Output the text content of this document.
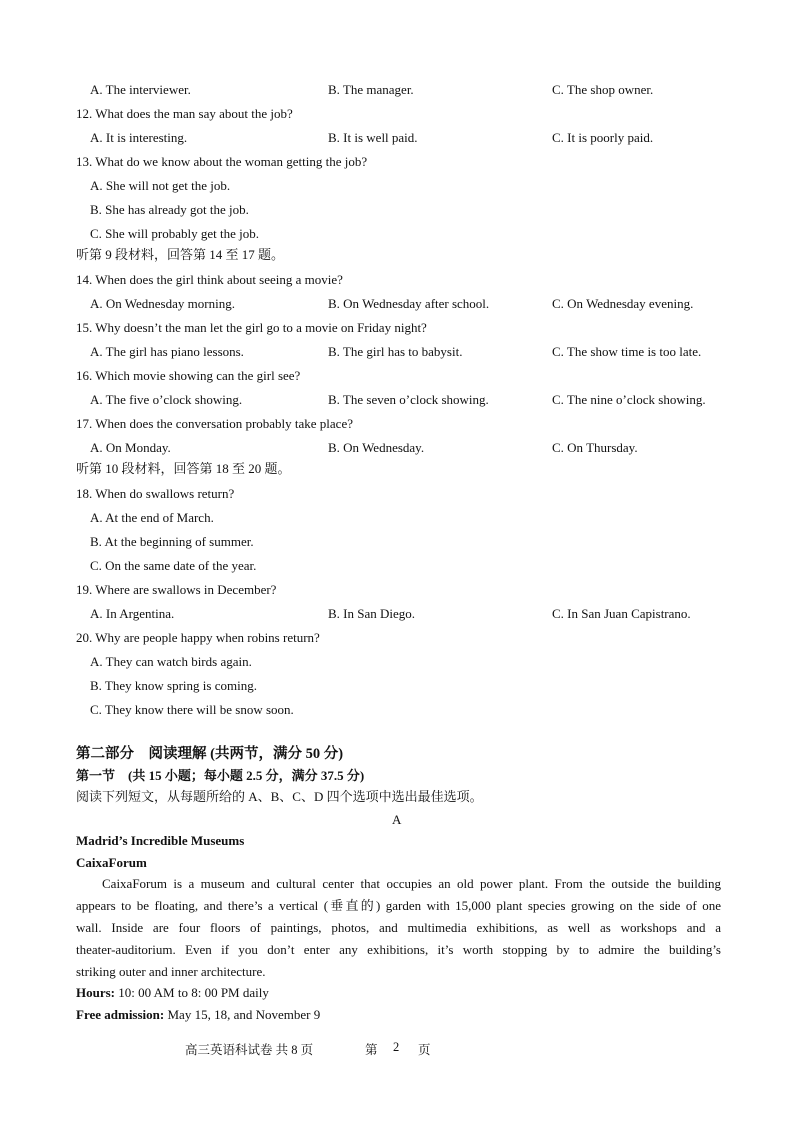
A. The interviewer.	B. The manager.	C. The shop owner.
12. What does the man say about the job?
A. It is interesting.	B. It is well paid.	C. It is poorly paid.
13. What do we know about the woman getting the job?
A. She will not get the job.
B. She has already got the job.
C. She will probably get the job.
听第 9 段材料，回答第 14 至 17 题。
14. When does the girl think about seeing a movie?
A. On Wednesday morning.	B. On Wednesday after school.	C. On Wednesday evening.
15. Why doesn’t the man let the girl go to a movie on Friday night?
A. The girl has piano lessons.	B. The girl has to babysit.	C. The show time is too late.
16. Which movie showing can the girl see?
A. The five o’clock showing.	B. The seven o’clock showing.	C. The nine o’clock showing.
17. When does the conversation probably take place?
A. On Monday.	B. On Wednesday.	C. On Thursday.
听第 10 段材料，回答第 18 至 20 题。
18. When do swallows return?
A. At the end of March.
B. At the beginning of summer.
C. On the same date of the year.
19. Where are swallows in December?
A. In Argentina.	B. In San Diego.	C. In San Juan Capistrano.
20. Why are people happy when robins return?
A. They can watch birds again.
B. They know spring is coming.
C. They know there will be snow soon.
第二部分　阅读理解 (共两节，满分 50 分)
第一节　(共 15 小题；每小题 2.5 分，满分 37.5 分)
阅读下列短文，从每题所给的 A、B、C、D 四个选项中选出最佳选项。
A
Madrid’s Incredible Museums
CaixaForum
CaixaForum is a museum and cultural center that occupies an old power plant. From the outside the building
appears to be floating, and there’s a vertical (垂直的) garden with 15,000 plant species growing on the side of one
wall. Inside are four floors of paintings, photos, and multimedia exhibitions, as well as workshops and a
theater-auditorium. Even if you don’t enter any exhibitions, it’s worth stopping by to admire the building’s
striking outer and inner architecture.
Hours: 10: 00 AM to 8: 00 PM daily
Free admission: May 15, 18, and November 9
高三英语科试卷 共 8 页	第 2 页
